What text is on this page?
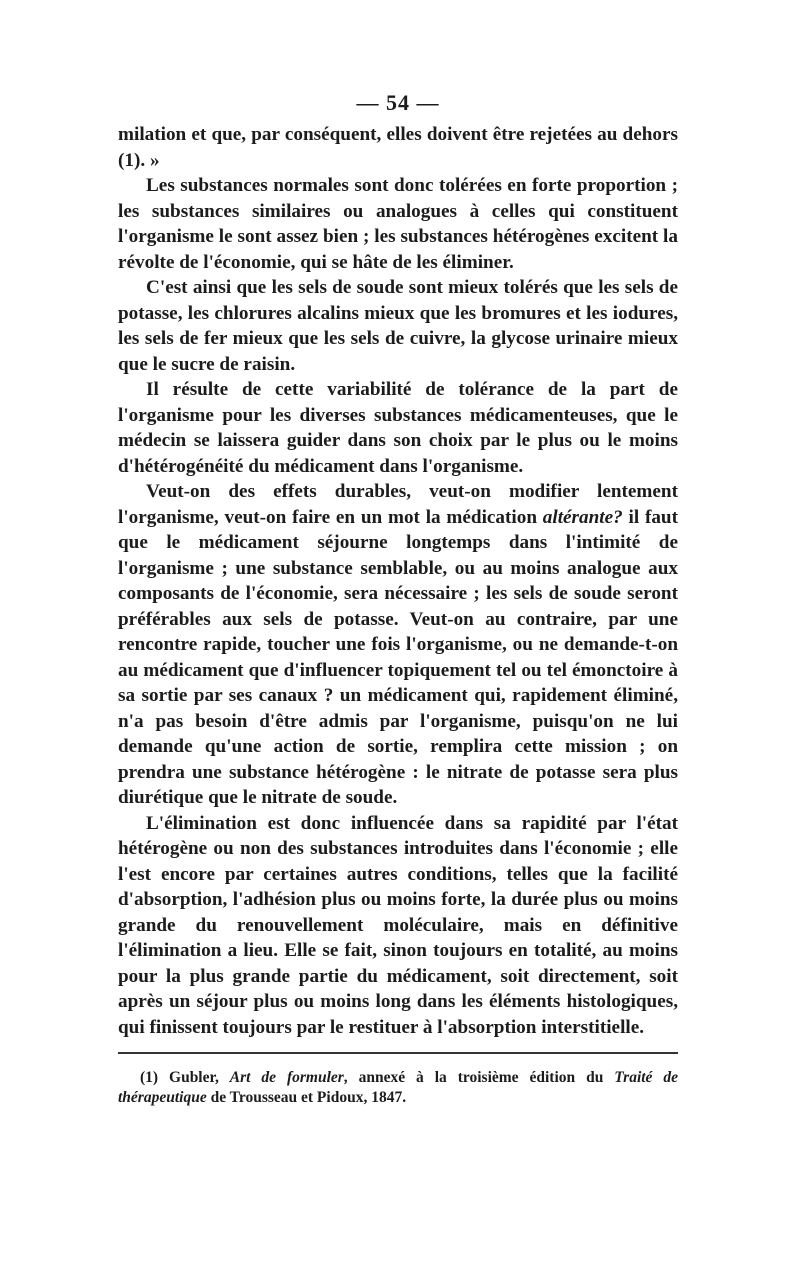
— 54 —

milation et que, par conséquent, elles doivent être rejetées au dehors (1). »

Les substances normales sont donc tolérées en forte proportion ; les substances similaires ou analogues à celles qui constituent l'organisme le sont assez bien ; les substances hétérogènes excitent la révolte de l'économie, qui se hâte de les éliminer.

C'est ainsi que les sels de soude sont mieux tolérés que les sels de potasse, les chlorures alcalins mieux que les bromures et les iodures, les sels de fer mieux que les sels de cuivre, la glycose urinaire mieux que le sucre de raisin.

Il résulte de cette variabilité de tolérance de la part de l'organisme pour les diverses substances médicamenteuses, que le médecin se laissera guider dans son choix par le plus ou le moins d'hétérogénéité du médicament dans l'organisme.

Veut-on des effets durables, veut-on modifier lentement l'organisme, veut-on faire en un mot la médication altérante? il faut que le médicament séjourne longtemps dans l'intimité de l'organisme ; une substance semblable, ou au moins analogue aux composants de l'économie, sera nécessaire ; les sels de soude seront préférables aux sels de potasse. Veut-on au contraire, par une rencontre rapide, toucher une fois l'organisme, ou ne demande-t-on au médicament que d'influencer topiquement tel ou tel émonctoire à sa sortie par ses canaux ? un médicament qui, rapidement éliminé, n'a pas besoin d'être admis par l'organisme, puisqu'on ne lui demande qu'une action de sortie, remplira cette mission ; on prendra une substance hétérogène : le nitrate de potasse sera plus diurétique que le nitrate de soude.

L'élimination est donc influencée dans sa rapidité par l'état hétérogène ou non des substances introduites dans l'économie ; elle l'est encore par certaines autres conditions, telles que la facilité d'absorption, l'adhésion plus ou moins forte, la durée plus ou moins grande du renouvellement moléculaire, mais en définitive l'élimination a lieu. Elle se fait, sinon toujours en totalité, au moins pour la plus grande partie du médicament, soit directement, soit après un séjour plus ou moins long dans les éléments histologiques, qui finissent toujours par le restituer à l'absorption interstitielle.

(1) Gubler, Art de formuler, annexé à la troisième édition du Traité de thérapeutique de Trousseau et Pidoux, 1847.
